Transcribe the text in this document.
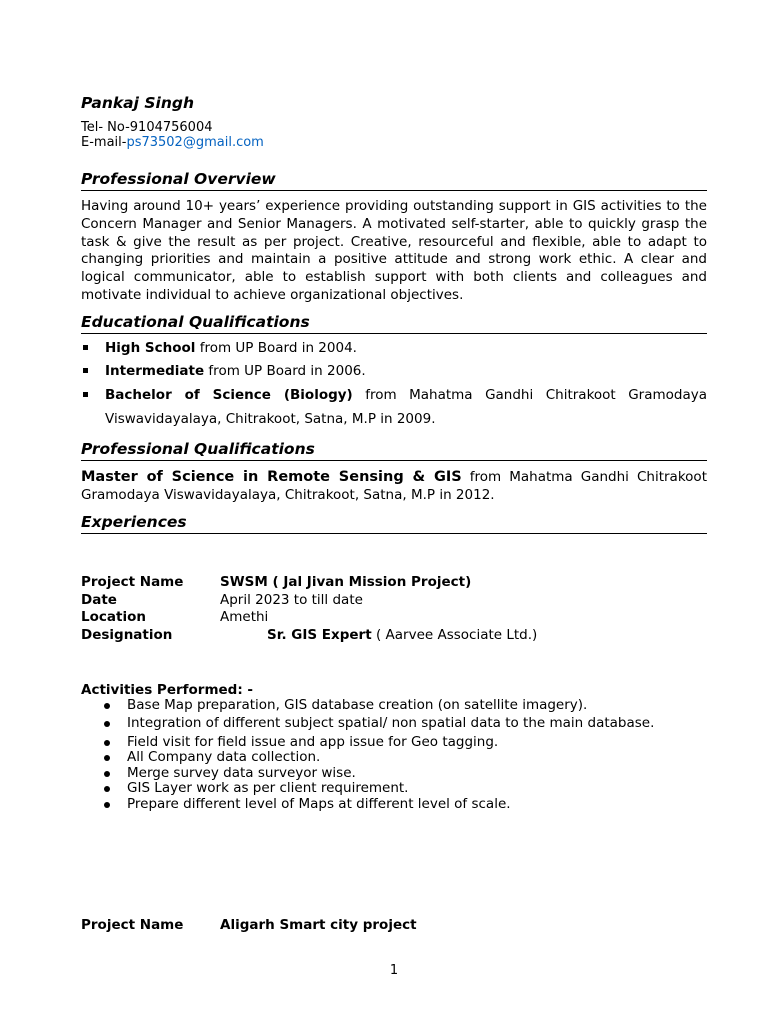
Pankaj Singh
Tel- No-9104756004
E-mail-ps73502@gmail.com
Professional Overview

Having around 10+ years’ experience providing outstanding support in GIS activities to the Concern Manager and Senior Managers. A motivated self-starter, able to quickly grasp the task & give the result as per project. Creative, resourceful and flexible, able to adapt to changing priorities and maintain a positive attitude and strong work ethic. A clear and logical communicator, able to establish support with both clients and colleagues and motivate individual to achieve organizational objectives.

Educational Qualifications
High School from UP Board in 2004.
Intermediate from UP Board in 2006.
Bachelor of Science (Biology) from Mahatma Gandhi Chitrakoot Gramodaya Viswavidayalaya, Chitrakoot, Satna, M.P in 2009.
Professional Qualifications

Master of Science in Remote Sensing & GIS from Mahatma Gandhi Chitrakoot Gramodaya Viswavidayalaya, Chitrakoot, Satna, M.P in 2012.

Experiences
Project Name	SWSM ( Jal Jivan Mission Project)
Date	April 2023 to till date
Location	Amethi
Designation	Sr. GIS Expert ( Aarvee Associate Ltd.)
Activities Performed: -
Base Map preparation, GIS database creation (on satellite imagery).
Integration of different subject spatial/ non spatial data to the main database.
Field visit for field issue and app issue for Geo tagging.
All Company data collection.
Merge survey data surveyor wise.
GIS Layer work as per client requirement.
Prepare different level of Maps at different level of scale.
Project Name	Aligarh Smart city project
1
